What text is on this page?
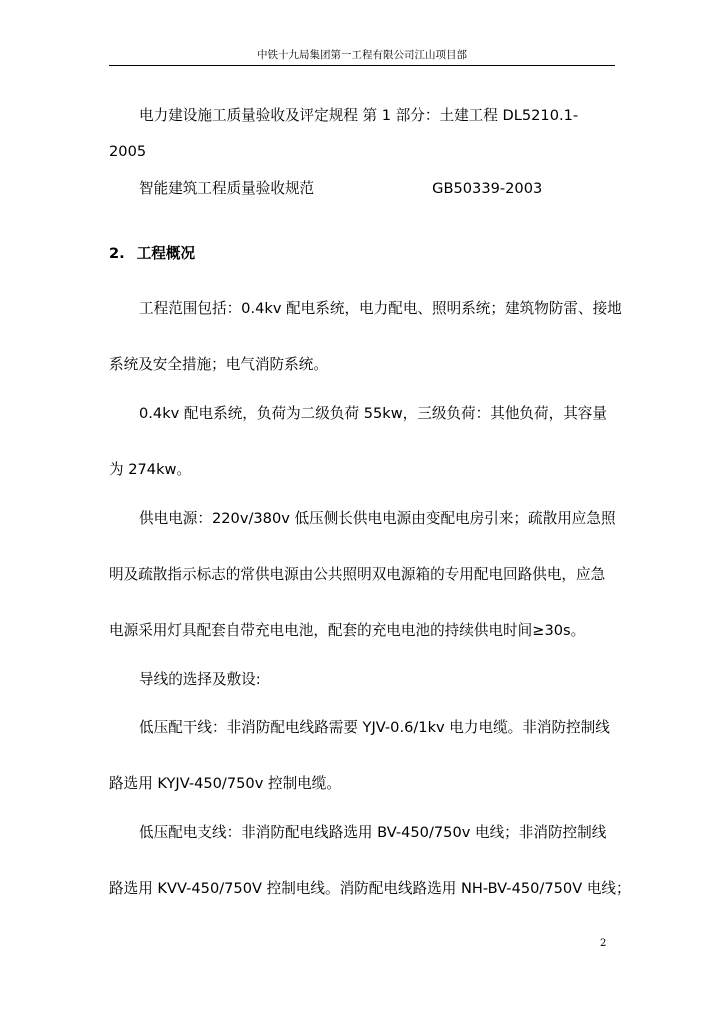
中铁十九局集团第一工程有限公司江山项目部
电力建设施工质量验收及评定规程 第 1 部分：土建工程 DL5210.1-
2005
智能建筑工程质量验收规范	GB50339-2003
2. 工程概况
工程范围包括：0.4kv 配电系统，电力配电、照明系统；建筑物防雷、接地
系统及安全措施；电气消防系统。
0.4kv 配电系统，负荷为二级负荷 55kw，三级负荷：其他负荷，其容量
为 274kw。
供电电源：220v/380v 低压侧长供电电源由变配电房引来；疏散用应急照
明及疏散指示标志的常供电源由公共照明双电源箱的专用配电回路供电，应急
电源采用灯具配套自带充电电池，配套的充电电池的持续供电时间≥30s。
导线的选择及敷设:
低压配干线：非消防配电线路需要 YJV-0.6/1kv 电力电缆。非消防控制线
路选用 KYJV-450/750v 控制电缆。
低压配电支线：非消防配电线路选用 BV-450/750v 电线；非消防控制线
路选用 KVV-450/750V 控制电线。消防配电线路选用 NH-BV-450/750V 电线；
2
